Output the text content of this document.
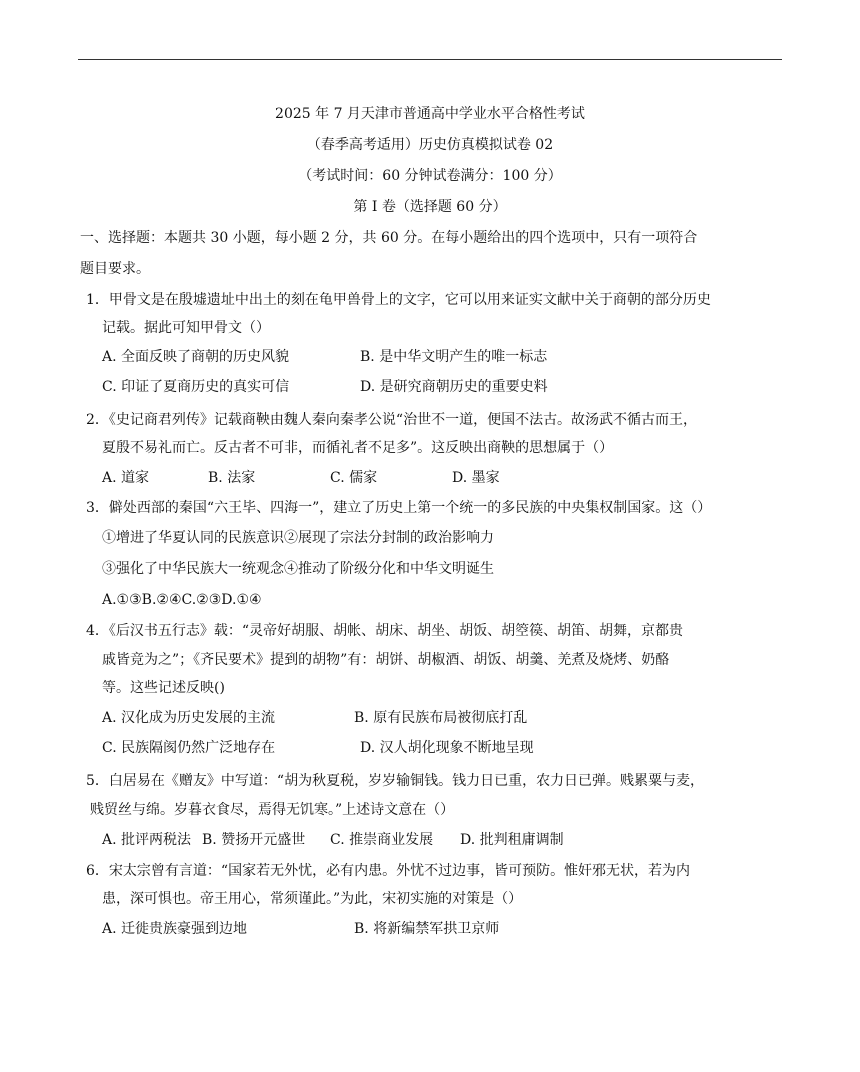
2025 年 7 月天津市普通高中学业水平合格性考试
（春季高考适用）历史仿真模拟试卷 02
（考试时间：60 分钟试卷满分：100 分）
第 I 卷（选择题 60 分）
一、选择题：本题共 30 小题，每小题 2 分，共 60 分。在每小题给出的四个选项中，只有一项符合
题目要求。
1．甲骨文是在殷墟遗址中出土的刻在龟甲兽骨上的文字，它可以用来证实文献中关于商朝的部分历史
记载。据此可知甲骨文（）
A. 全面反映了商朝的历史风貌	B. 是中华文明产生的唯一标志
C. 印证了夏商历史的真实可信	D. 是研究商朝历史的重要史料
2．《史记商君列传》记载商鞅由魏人秦向秦孝公说“治世不一道，便国不法古。故汤武不循古而王，
夏殷不易礼而亡。反古者不可非，而循礼者不足多”。这反映出商鞅的思想属于（）
A. 道家	B. 法家	C. 儒家	D. 墨家
3．僻处西部的秦国“六王毕、四海一”，建立了历史上第一个统一的多民族的中央集权制国家。这（）
①增进了华夏认同的民族意识②展现了宗法分封制的政治影响力
③强化了中华民族大一统观念④推动了阶级分化和中华文明诞生
A.①③B.②④C.②③D.①④
4．《后汉书五行志》载：“灵帝好胡服、胡帐、胡床、胡坐、胡饭、胡箜篌、胡笛、胡舞，京都贵
戚皆竞为之”；《齐民要术》提到的胡物”有：胡饼、胡椒酒、胡饭、胡羹、羌煮及烧烤、奶酪
等。这些记述反映()
A. 汉化成为历史发展的主流	B. 原有民族布局被彻底打乱
C. 民族隔阂仍然广泛地存在	D. 汉人胡化现象不断地呈现
5．白居易在《赠友》中写道：“胡为秋夏税，岁岁输铜钱。钱力日已重，农力日已弹。贱累粟与麦，
贱贸丝与绵。岁暮衣食尽，焉得无饥寒。”上述诗文意在（）
A. 批评两税法 B. 赞扬开元盛世 C. 推崇商业发展 D. 批判租庸调制
6．宋太宗曾有言道：“国家若无外忧，必有内患。外忧不过边事，皆可预防。惟奸邪无状，若为内
患，深可惧也。帝王用心，常须谨此。”为此，宋初实施的对策是（）
A. 迁徙贵族豪强到边地	B. 将新编禁军拱卫京师
